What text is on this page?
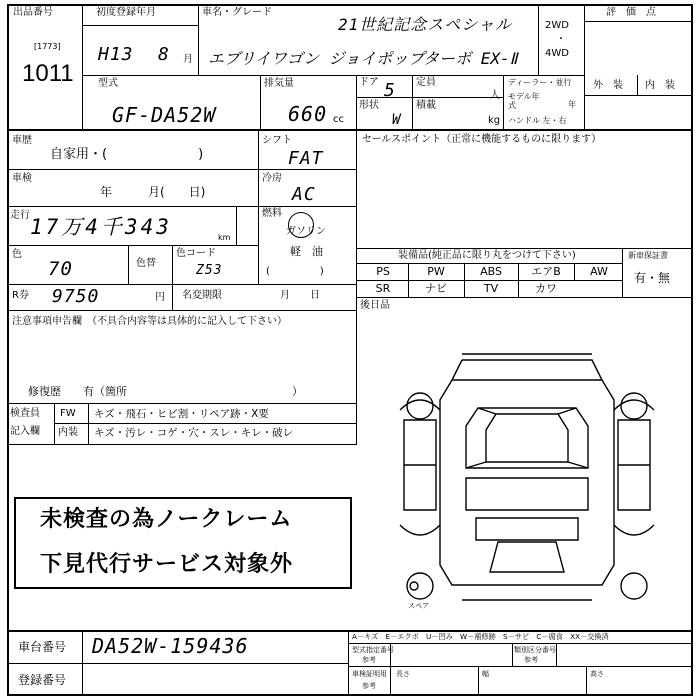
出品番号
[1773]
1011
初度登録年月
H13 8 月
車名・グレード
21世紀記念スペシャル
エブリイワゴン ジョイポップターボ EX-Ⅱ
2WD
・
4WD
評　価　点
型式
GF-DA52W
排気量
660 cc
ドア 5 定員
人
形状
W
積載
kg
ディーラー・並行
モデル年式	年
ハンドル 左・右
外　装 内　装
車歴
自家用・(　　　　　　　)
シフト
FAT
セールスポイント（正常に機能するものに限ります）
車検
年　　　月(　　日)
冷房
AC
走行 17万4千343	km
燃料
ガソリン
軽　油
(　　　　　)
色
70	色替
色コード
Z53
R券 9750	円 名変期限	月　　日
装備品(純正品に限り丸をつけて下さい)	新車保証書
有・無
PS	PW	ABS	エアB	AW
SR	ナビ	TV	カワ
後日品
注意事項申告欄　（不具合内容等は具体的に記入して下さい）
修復歴　　有（箇所　　　　　　　　　　　　　　　）
検査員
記入欄
FW キズ・飛石・ヒビ割・リペア跡・X要
内装 キズ・汚レ・コゲ・穴・スレ・キレ・破レ
未検査の為ノークレーム
下見代行サービス対象外
スペア
車台番号 DA52W-159436
登録番号
A－キズ　E－エクボ　U－凹み　W－補修跡　S－サビ　C－腐食　XX－交換済
型式指定番号
参考
類別区分番号
参考
車検証明用
参考
長さ	幅	高さ
